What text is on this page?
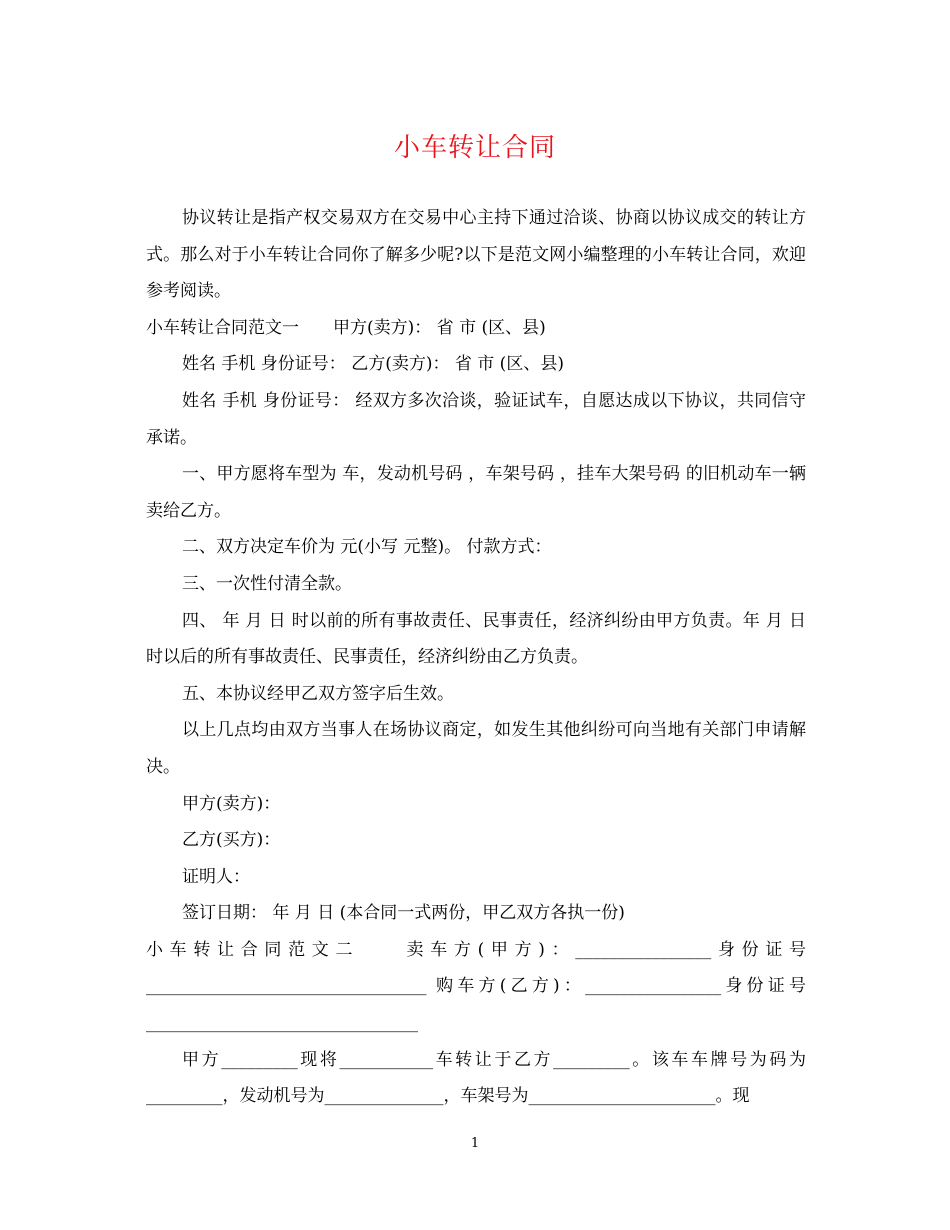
小车转让合同

协议转让是指产权交易双方在交易中心主持下通过洽谈、协商以协议成交的转让方式。那么对于小车转让合同你了解多少呢?以下是范文网小编整理的小车转让合同，欢迎参考阅读。

小车转让合同范文一　　甲方(卖方)： 省 市 (区、县)

姓名 手机 身份证号： 乙方(卖方)： 省 市 (区、县)

姓名 手机 身份证号： 经双方多次洽谈，验证试车，自愿达成以下协议，共同信守承诺。

一、甲方愿将车型为 车，发动机号码 ，车架号码 ，挂车大架号码 的旧机动车一辆卖给乙方。

二、双方决定车价为 元(小写 元整)。 付款方式：

三、一次性付清全款。

四、 年 月 日 时以前的所有事故责任、民事责任，经济纠纷由甲方负责。年 月 日 时以后的所有事故责任、民事责任，经济纠纷由乙方负责。

五、本协议经甲乙双方签字后生效。

以上几点均由双方当事人在场协议商定，如发生其他纠纷可向当地有关部门申请解决。

甲方(卖方)：

乙方(买方)：

证明人：

签订日期： 年 月 日 (本合同一式两份，甲乙双方各执一份)

小车转让合同范文二　　卖车方(甲方)：________________身份证号_________________________________ 购车方(乙方)：________________身份证号________________________________

甲方_________现将___________车转让于乙方_________。该车车牌号为码为_________，发动机号为______________，车架号为______________________。现

1
